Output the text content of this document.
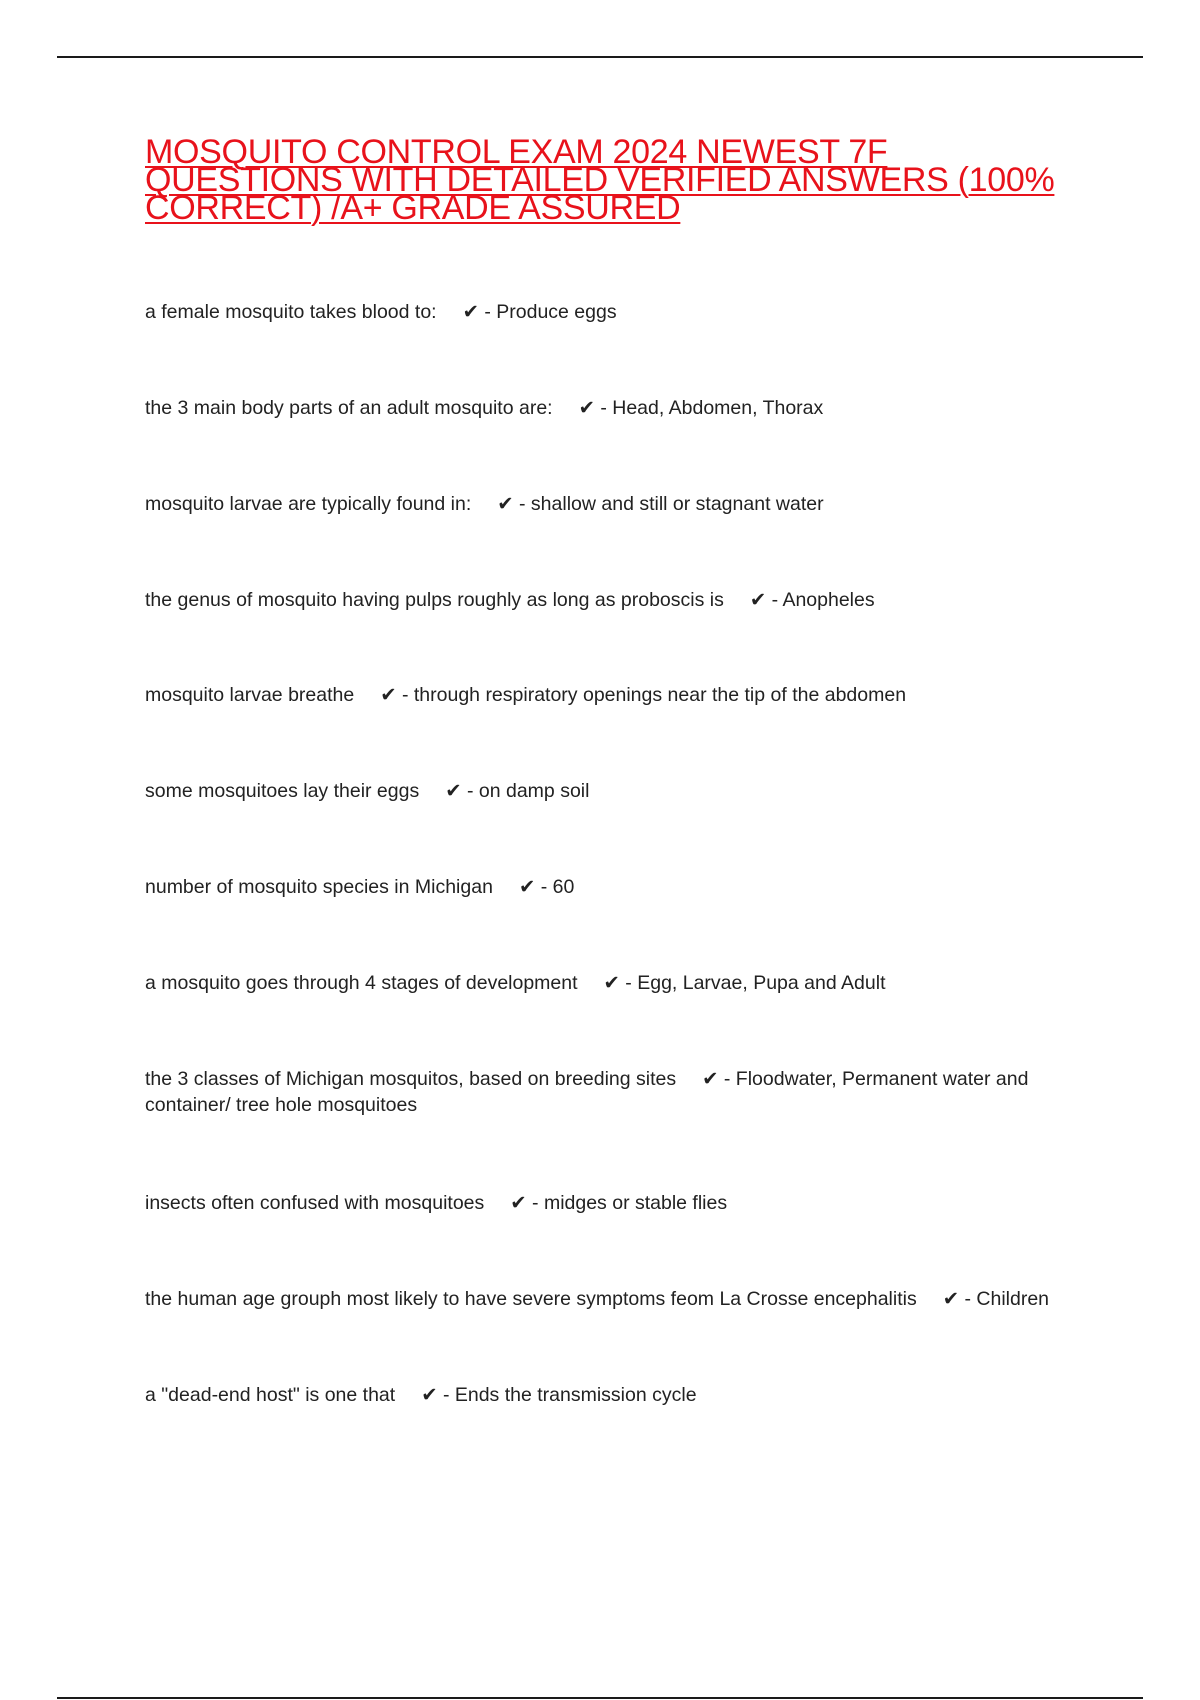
MOSQUITO CONTROL EXAM 2024 NEWEST 7F QUESTIONS WITH DETAILED VERIFIED ANSWERS (100% CORRECT) /A+ GRADE ASSURED
a female mosquito takes blood to: ✔ - Produce eggs
the 3 main body parts of an adult mosquito are: ✔ - Head, Abdomen, Thorax
mosquito larvae are typically found in: ✔ - shallow and still or stagnant water
the genus of mosquito having pulps roughly as long as proboscis is ✔ - Anopheles
mosquito larvae breathe ✔ - through respiratory openings near the tip of the abdomen
some mosquitoes lay their eggs ✔ - on damp soil
number of mosquito species in Michigan ✔ - 60
a mosquito goes through 4 stages of development ✔ - Egg, Larvae, Pupa and Adult
the 3 classes of Michigan mosquitos, based on breeding sites ✔ - Floodwater, Permanent water and container/ tree hole mosquitoes
insects often confused with mosquitoes ✔ - midges or stable flies
the human age grouph most likely to have severe symptoms feom La Crosse encephalitis ✔ - Children
a "dead-end host" is one that ✔ - Ends the transmission cycle
